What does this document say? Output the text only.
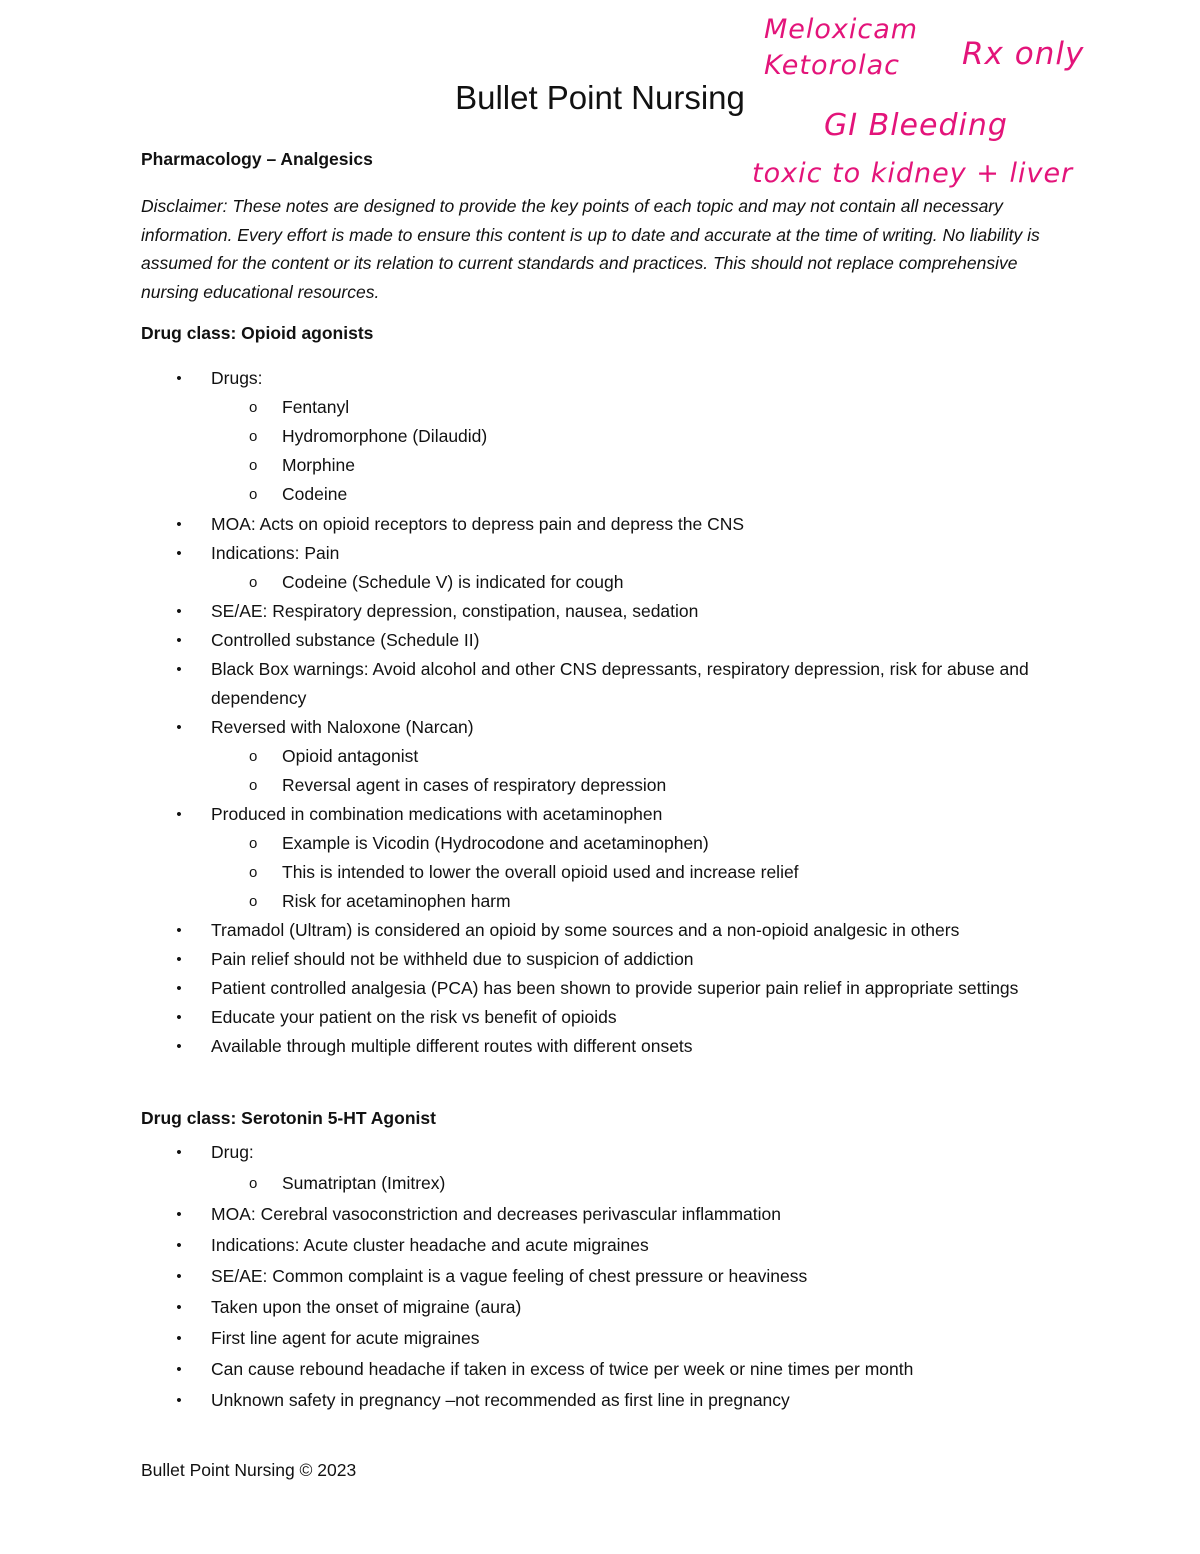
Bullet Point Nursing
Pharmacology – Analgesics
Disclaimer: These notes are designed to provide the key points of each topic and may not contain all necessary information. Every effort is made to ensure this content is up to date and accurate at the time of writing. No liability is assumed for the content or its relation to current standards and practices. This should not replace comprehensive nursing educational resources.
Drug class: Opioid agonists
• Drugs:
o Fentanyl
o Hydromorphone (Dilaudid)
o Morphine
o Codeine
• MOA: Acts on opioid receptors to depress pain and depress the CNS
• Indications: Pain
o Codeine (Schedule V) is indicated for cough
• SE/AE: Respiratory depression, constipation, nausea, sedation
• Controlled substance (Schedule II)
• Black Box warnings: Avoid alcohol and other CNS depressants, respiratory depression, risk for abuse and dependency
• Reversed with Naloxone (Narcan)
o Opioid antagonist
o Reversal agent in cases of respiratory depression
• Produced in combination medications with acetaminophen
o Example is Vicodin (Hydrocodone and acetaminophen)
o This is intended to lower the overall opioid used and increase relief
o Risk for acetaminophen harm
• Tramadol (Ultram) is considered an opioid by some sources and a non-opioid analgesic in others
• Pain relief should not be withheld due to suspicion of addiction
• Patient controlled analgesia (PCA) has been shown to provide superior pain relief in appropriate settings
• Educate your patient on the risk vs benefit of opioids
• Available through multiple different routes with different onsets
Drug class: Serotonin 5-HT Agonist
• Drug:
o Sumatriptan (Imitrex)
• MOA: Cerebral vasoconstriction and decreases perivascular inflammation
• Indications: Acute cluster headache and acute migraines
• SE/AE: Common complaint is a vague feeling of chest pressure or heaviness
• Taken upon the onset of migraine (aura)
• First line agent for acute migraines
• Can cause rebound headache if taken in excess of twice per week or nine times per month
• Unknown safety in pregnancy –not recommended as first line in pregnancy
Bullet Point Nursing © 2023
Meloxicam
Ketorolac Rx only
GI Bleeding
toxic to kidney + liver
